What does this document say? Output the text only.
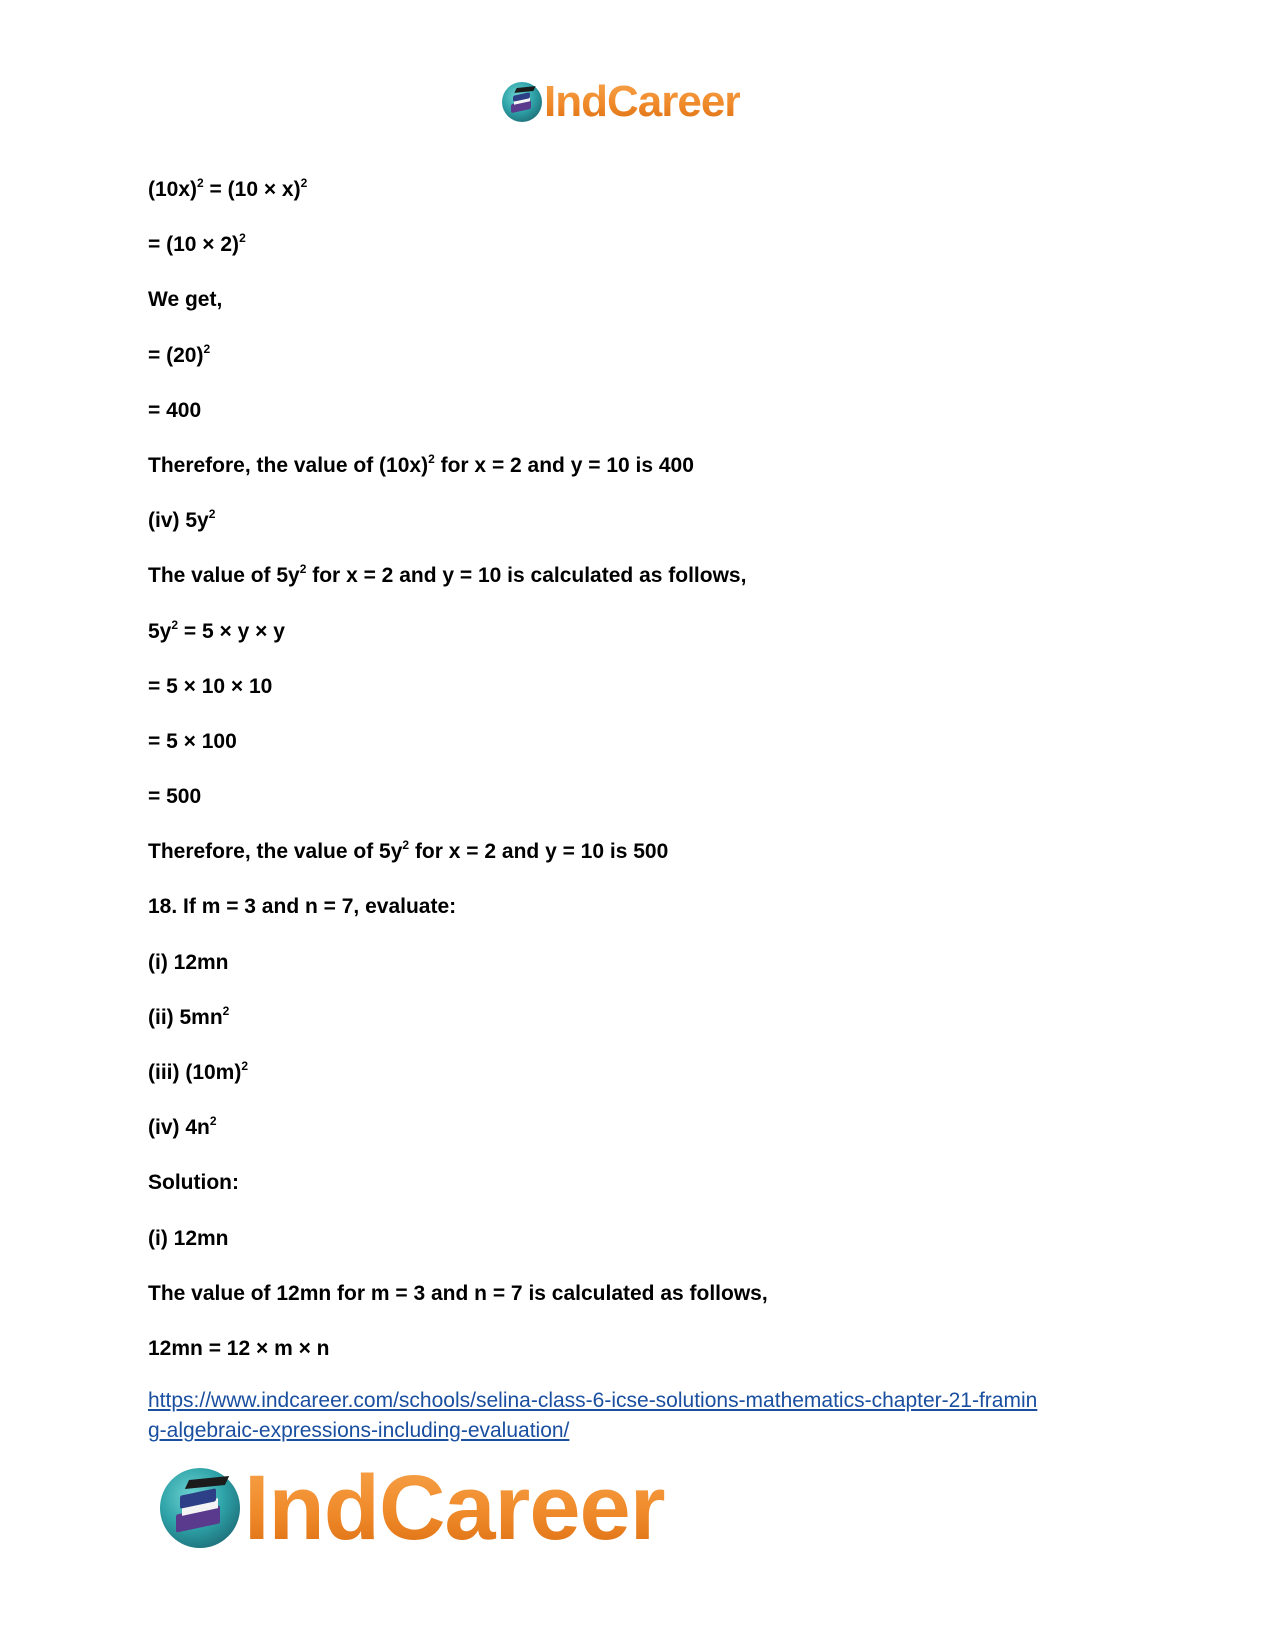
IndCareer
$(10x)^2 = (10 \times x)^2$
= $(10 \times 2)^2$
We get,
= $(20)^2$
= 400
Therefore, the value of $(10x)^2$ for x = 2 and y = 10 is 400
(iv) $5y^2$
The value of $5y^2$ for x = 2 and y = 10 is calculated as follows,
$5y^2 = 5 \times y \times y$
= 5 × 10 × 10
= 5 × 100
= 500
Therefore, the value of $5y^2$ for x = 2 and y = 10 is 500
18. If m = 3 and n = 7, evaluate:
(i) 12mn
(ii) $5mn^2$
(iii) $(10m)^2$
(iv) $4n^2$
Solution:
(i) 12mn
The value of 12mn for m = 3 and n = 7 is calculated as follows,
12mn = 12 × m × n
https://www.indcareer.com/schools/selina-class-6-icse-solutions-mathematics-chapter-21-framin
g-algebraic-expressions-including-evaluation/
IndCareer
